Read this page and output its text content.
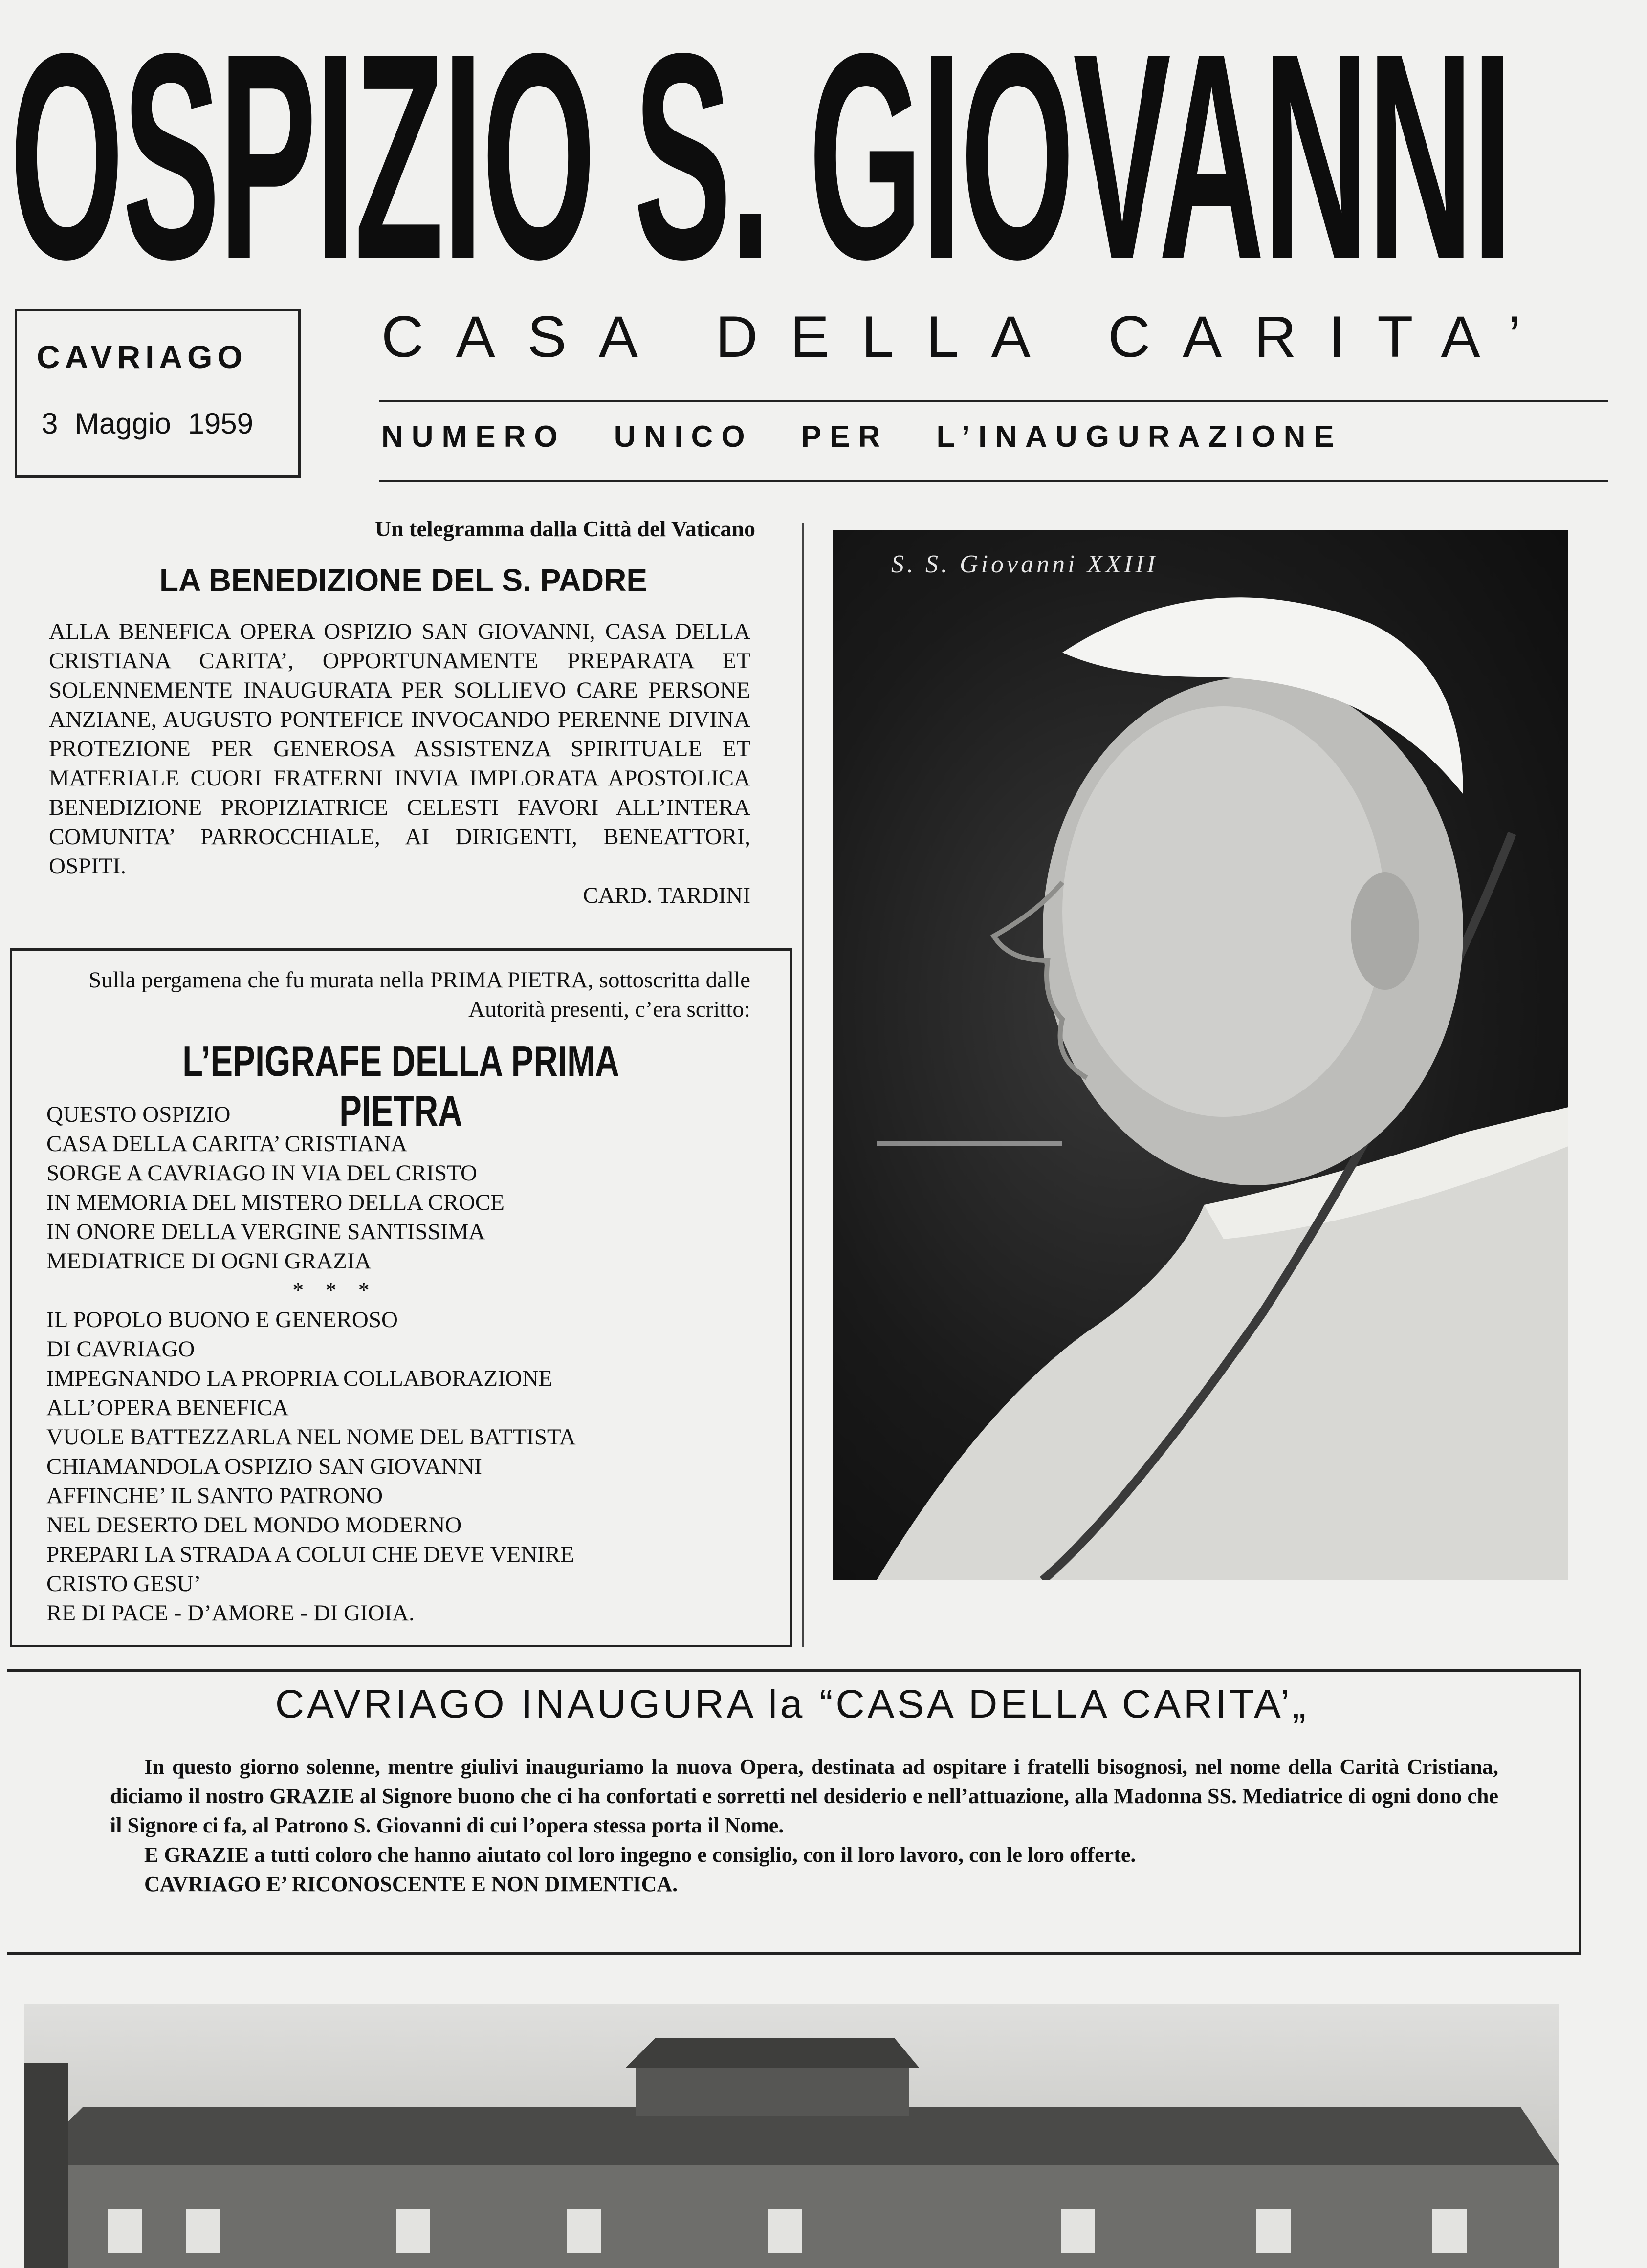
OSPIZIO S. GIOVANNI
CAVRIAGO
3 Maggio 1959
CASA DELLA CARITA’
NUMERO UNICO PER L’INAUGURAZIONE
Un telegramma dalla Città del Vaticano
LA BENEDIZIONE DEL S. PADRE
ALLA BENEFICA OPERA OSPIZIO SAN GIOVANNI, CASA DELLA CRISTIANA CARITA’, OPPORTUNAMENTE PREPARATA ET SOLENNEMENTE INAUGURATA PER SOLLIEVO CARE PERSONE ANZIANE, AUGUSTO PONTEFICE INVOCANDO PERENNE DIVINA PROTEZIONE PER GENEROSA ASSISTENZA SPIRITUALE ET MATERIALE CUORI FRATERNI INVIA IMPLORATA APOSTOLICA BENEDIZIONE PROPIZIATRICE CELESTI FAVORI ALL’INTERA COMUNITA’ PARROCCHIALE, AI DIRIGENTI, BENEATTORI, OSPITI.
CARD. TARDINI
Sulla pergamena che fu murata nella PRIMA PIETRA, sottoscritta dalle Autorità presenti, c’era scritto:
L’EPIGRAFE DELLA PRIMA PIETRA
QUESTO OSPIZIO
CASA DELLA CARITA’ CRISTIANA
SORGE A CAVRIAGO IN VIA DEL CRISTO
IN MEMORIA DEL MISTERO DELLA CROCE
IN ONORE DELLA VERGINE SANTISSIMA
MEDIATRICE DI OGNI GRAZIA
* * *
IL POPOLO BUONO E GENEROSO
DI CAVRIAGO
IMPEGNANDO LA PROPRIA COLLABORAZIONE
ALL’OPERA BENEFICA
VUOLE BATTEZZARLA NEL NOME DEL BATTISTA
CHIAMANDOLA OSPIZIO SAN GIOVANNI
AFFINCHE’ IL SANTO PATRONO
NEL DESERTO DEL MONDO MODERNO
PREPARI LA STRADA A COLUI CHE DEVE VENIRE
CRISTO GESU’
RE DI PACE - D’AMORE - DI GIOIA.
S. S. Giovanni XXIII
CAVRIAGO INAUGURA la “CASA DELLA CARITA’„

In questo giorno solenne, mentre giulivi inauguriamo la nuova Opera, destinata ad ospitare i fratelli bisognosi, nel nome della Carità Cristiana, diciamo il nostro GRAZIE al Signore buono che ci ha confortati e sorretti nel desiderio e nell’attuazione, alla Madonna SS. Mediatrice di ogni dono che il Signore ci fa, al Patrono S. Giovanni di cui l’opera stessa porta il Nome.

E GRAZIE a tutti coloro che hanno aiutato col loro ingegno e consiglio, con il loro lavoro, con le loro offerte.

CAVRIAGO E’ RICONOSCENTE E NON DIMENTICA.
